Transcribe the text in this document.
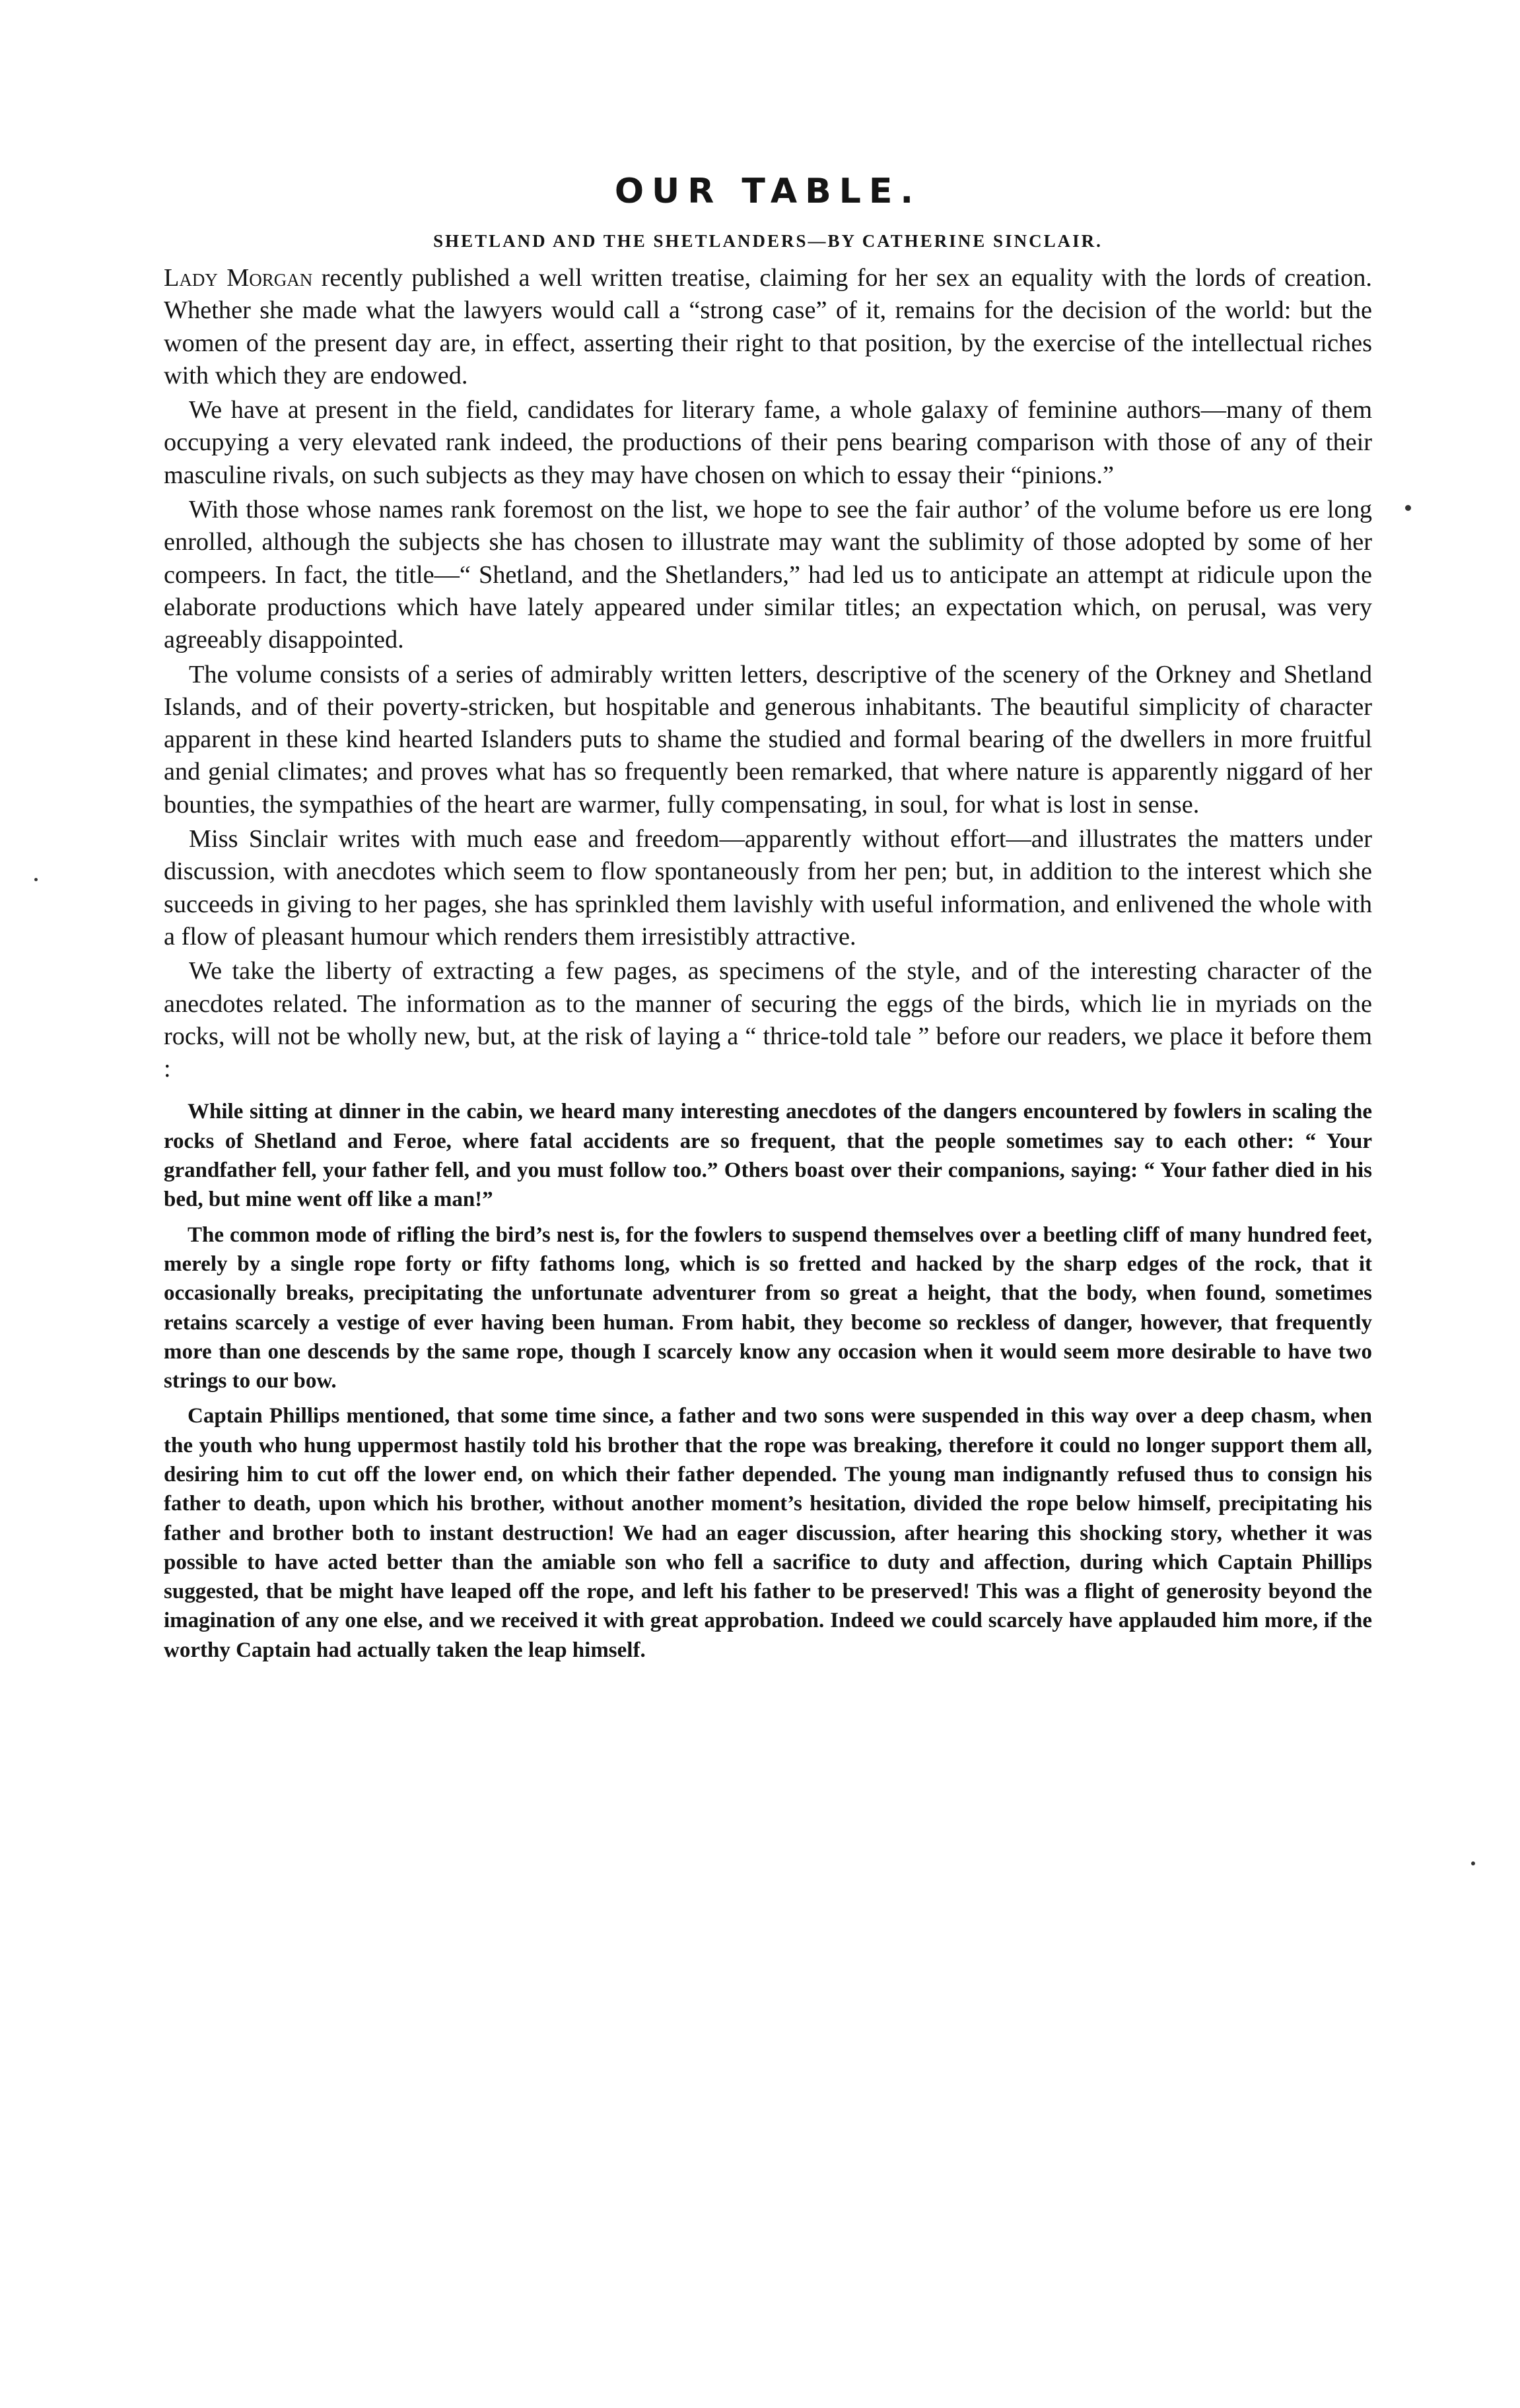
OUR TABLE.
SHETLAND AND THE SHETLANDERS—BY CATHERINE SINCLAIR.

Lady Morgan recently published a well written treatise, claiming for her sex an equality with the lords of creation. Whether she made what the lawyers would call a “strong case” of it, remains for the decision of the world: but the women of the present day are, in effect, asserting their right to that position, by the exercise of the intellectual riches with which they are endowed.

We have at present in the field, candidates for literary fame, a whole galaxy of feminine authors—many of them occupying a very elevated rank indeed, the productions of their pens bearing comparison with those of any of their masculine rivals, on such subjects as they may have chosen on which to essay their “pinions.”

With those whose names rank foremost on the list, we hope to see the fair author’ of the volume before us ere long enrolled, although the subjects she has chosen to illustrate may want the sublimity of those adopted by some of her compeers. In fact, the title—“ Shetland, and the Shetlanders,” had led us to anticipate an attempt at ridicule upon the elaborate productions which have lately appeared under similar titles; an expectation which, on perusal, was very agreeably disappointed.

The volume consists of a series of admirably written letters, descriptive of the scenery of the Orkney and Shetland Islands, and of their poverty-stricken, but hospitable and generous inhabitants. The beautiful simplicity of character apparent in these kind hearted Islanders puts to shame the studied and formal bearing of the dwellers in more fruitful and genial climates; and proves what has so frequently been remarked, that where nature is apparently niggard of her bounties, the sympathies of the heart are warmer, fully compensating, in soul, for what is lost in sense.

Miss Sinclair writes with much ease and freedom—apparently without effort—and illustrates the matters under discussion, with anecdotes which seem to flow spontaneously from her pen; but, in addition to the interest which she succeeds in giving to her pages, she has sprinkled them lavishly with useful information, and enlivened the whole with a flow of pleasant humour which renders them irresistibly attractive.

We take the liberty of extracting a few pages, as specimens of the style, and of the interesting character of the anecdotes related. The information as to the manner of securing the eggs of the birds, which lie in myriads on the rocks, will not be wholly new, but, at the risk of laying a “ thrice-told tale ” before our readers, we place it before them :

While sitting at dinner in the cabin, we heard many interesting anecdotes of the dangers encountered by fowlers in scaling the rocks of Shetland and Feroe, where fatal accidents are so frequent, that the people sometimes say to each other: “ Your grandfather fell, your father fell, and you must follow too.” Others boast over their companions, saying: “ Your father died in his bed, but mine went off like a man!”

The common mode of rifling the bird’s nest is, for the fowlers to suspend themselves over a beetling cliff of many hundred feet, merely by a single rope forty or fifty fathoms long, which is so fretted and hacked by the sharp edges of the rock, that it occasionally breaks, precipitating the unfortunate adventurer from so great a height, that the body, when found, sometimes retains scarcely a vestige of ever having been human. From habit, they become so reckless of danger, however, that frequently more than one descends by the same rope, though I scarcely know any occasion when it would seem more desirable to have two strings to our bow.

Captain Phillips mentioned, that some time since, a father and two sons were suspended in this way over a deep chasm, when the youth who hung uppermost hastily told his brother that the rope was breaking, therefore it could no longer support them all, desiring him to cut off the lower end, on which their father depended. The young man indignantly refused thus to consign his father to death, upon which his brother, without another moment’s hesitation, divided the rope below himself, precipitating his father and brother both to instant destruction! We had an eager discussion, after hearing this shocking story, whether it was possible to have acted better than the amiable son who fell a sacrifice to duty and affection, during which Captain Phillips suggested, that be might have leaped off the rope, and left his father to be preserved! This was a flight of generosity beyond the imagination of any one else, and we received it with great approbation. Indeed we could scarcely have applauded him more, if the worthy Captain had actually taken the leap himself.
